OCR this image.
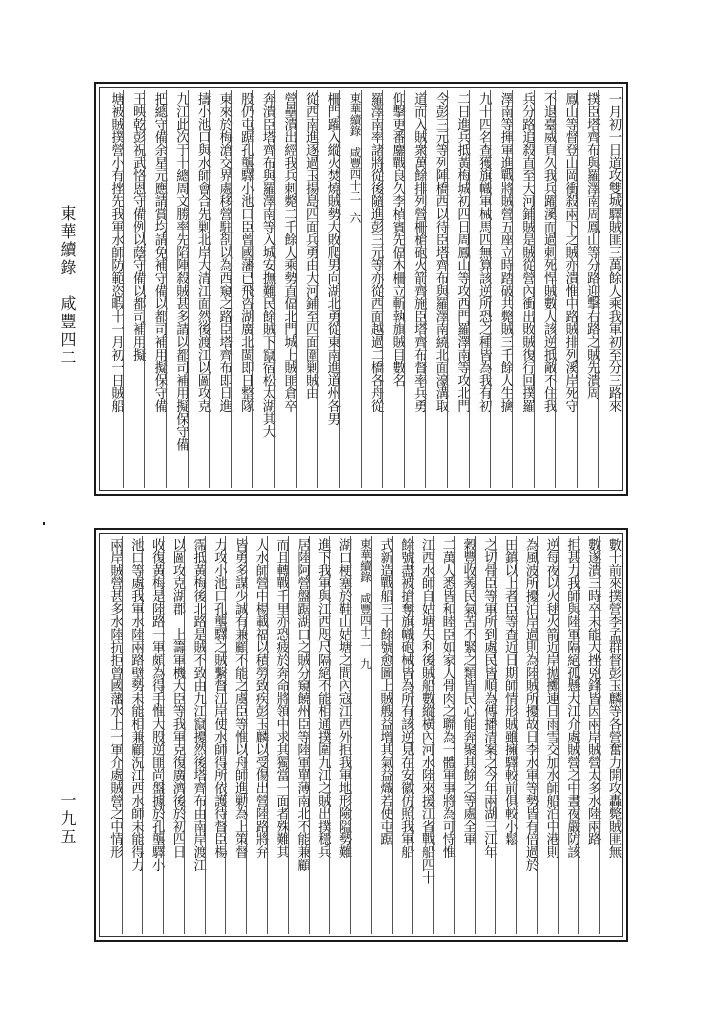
東華續錄　咸豐四二	一月初一日道攻雙城驛賊匪三萬餘人乘我軍初至分三路來
撲臣塔齊布與羅澤南周鳳山等分路迎擊右路之賊先潰周
鳳山等督登山岡衝殺兩下之賊亦潰惟中路賊排列溪岸死守
不退臺威頁久我兵躍溪而過刺死悍賊數人該逆抵敵不住我
兵分路追殺直至大河鋪賊是賊從營內衝出敗賊復行回撲羅
澤南等揮軍進戰將賊營五座立時踏破共斃賊三千餘人生擒
九十四名查獲旗幟軍械馬匹無算該逆所恐之種皆為我有初
二日進兵抵黃梅城初四日周鳳山等攻西門羅澤南等攻北門
令彭三元等列陣橋西以待臣塔齊布與羅澤南繞北面濠溝取
道而入賊衆萬餘排列營柵槍砲火箭齊施臣塔齊布督率兵勇
仰擊更番鏖戰良久李楨賓先偪木柵立斬執旗賊目數名
羅澤南率諸將從後隨進彭三元等亦從西面越過二橋各舟從
東華續錄　咸豐四十二　六
柵門躍入縱火焚燒賊勢大敗爬男向湖北勇從東南進道州各男
從西南進逐過玉揚島四面兵勇由大河鋪至四面圍剿賊由
營壘潰出經我兵刺斃二千餘人乘勢直偪北門城上賊匪倉卒
奔潰臣塔齊布與羅澤南等入城安撫難民餘賊下竄宿松太湖其大
股仍屯踞孔壟驛小池口臣曾國藩已飛咨湖廣北閩即日整隊
東來於梅滄交界處移營駐剳以為西窺之路臣塔齊布即日進
擣小池口與水師會合先剿北岸大清江面然後渡江以圖攻克
九江此次于十總周文勝率先陷陣殺賊甚多請以都司補用擬保守備
把總守備余星元應請賞均請免補守備以都司補用擬保守備
王映乾彭祝武恪恩守備例以蔭守備以都司補用擬
塘被賊撲營小有挫先我軍水師防範恣暇十一月初一日賊船
數十前來撲營李孟群督彭玉麟等各營奮力開攻轟斃賊匪無
數遂潰三時卒未能大挫兇鋒皆因兩岸賊營太多水陸兩路
拒甚力我師與陸軍隔絕孤懸大江介處賊營之中晝夜嚴防該
逆每夜以火毬火箭近岸拋擲連日雨雪交加水師船泊中港則
為風波所擾泊岸過則為陸賊所擾故日李水軍等勢皆有倍過於
田鎮以上者臣等查近日期師情形賊雖擁驛較前俱較小鬆
之切骨臣等軍所到處民皆順為傳播清案之今年兩湖三江年
穀豐收莠民氣苦不緊之類皆民心能奔聚其餘之等處全軍
二萬人悉皆和睦臣如家人骨肉之聯為一體軍事將為可恃惟
江西水師自姑塘失利後賊船數縱橫內河水陸來援江省戰船四十
餘號盡被搶奪旗幟砲械皆為所有該逆見在安徽仿照我軍船
式新造戰船三十餘號愈圖上賊艘益增其氣益熾若使屯踞
東華續錄　咸豐四十二　九
湖口梗塞於鞋山姑塘之間內寇江西外拒我軍地形險隘勢難
進下我軍與江西咫尺隔絕不能相通撲圍九江之賊出撲穩兵
居陸阿營盤踞湖口之賊分窺饒州臣等陸軍單薄南北不能兼顧
而且轉戰千里亦恐疲於奔命將領中求其獨當一面者殊難其
人水師營中楊載福以積勞致疾彭玉麟以受傷出營陸路將弁
皆勇多謀少誠有兼顧不能之虞臣等惟以舟師進勦為上策督
力攻小池口孔壟驛之賊繫督江岸使水師得所依護待督臣楊
霈抵黃梅後北路是賊不致由九江竄擾然後塔齊布由南岸渡江
以圖攻克湖郡　上籌軍機大臣等我軍克復廣濟後於初四日
收復黃梅是陸路一軍頗為得手惟大股逆匪尚盤據於孔壟驛小
池口等處我軍水陸兩路壁勢未能相兼顧況江西水師未能得力
兩岸賊營甚多水陸抗拒曾國藩水上一軍介處賊營之中情形
一九五
